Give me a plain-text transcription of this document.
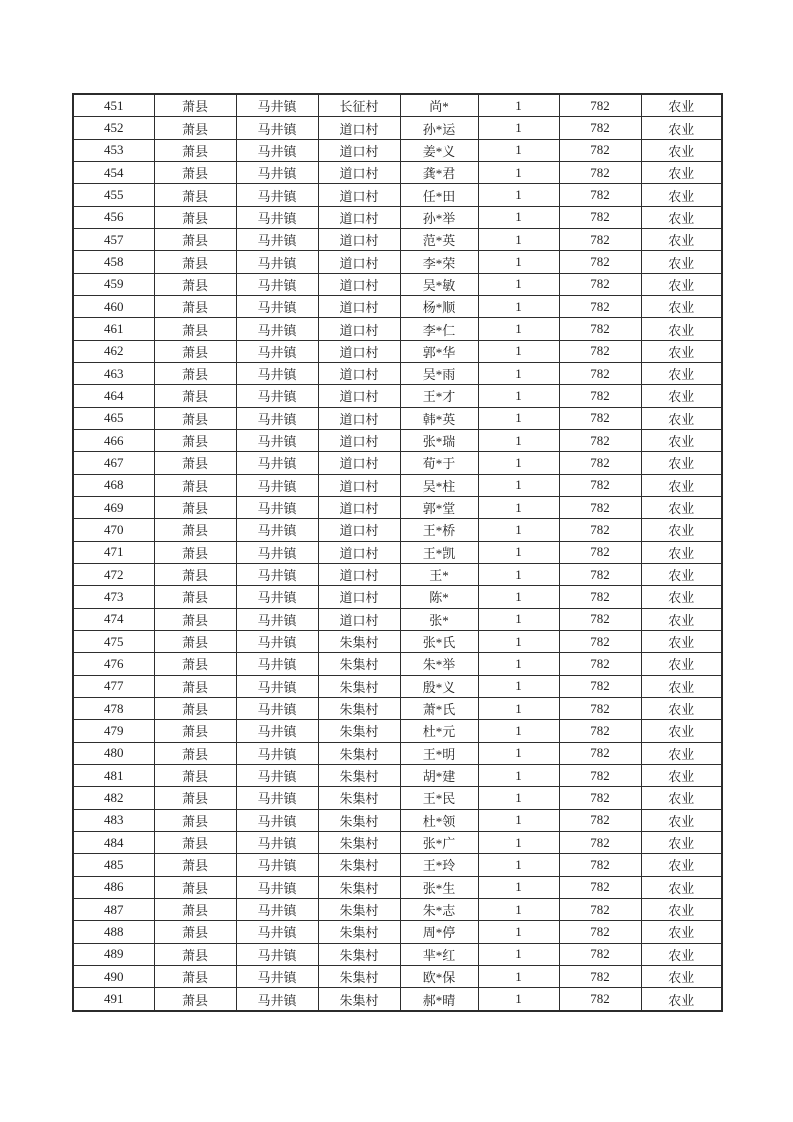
451	萧县	马井镇	长征村	尚*	1	782	农业
452	萧县	马井镇	道口村	孙*运	1	782	农业
453	萧县	马井镇	道口村	姜*义	1	782	农业
454	萧县	马井镇	道口村	龚*君	1	782	农业
455	萧县	马井镇	道口村	任*田	1	782	农业
456	萧县	马井镇	道口村	孙*举	1	782	农业
457	萧县	马井镇	道口村	范*英	1	782	农业
458	萧县	马井镇	道口村	李*荣	1	782	农业
459	萧县	马井镇	道口村	吴*敏	1	782	农业
460	萧县	马井镇	道口村	杨*顺	1	782	农业
461	萧县	马井镇	道口村	李*仁	1	782	农业
462	萧县	马井镇	道口村	郭*华	1	782	农业
463	萧县	马井镇	道口村	吴*雨	1	782	农业
464	萧县	马井镇	道口村	王*才	1	782	农业
465	萧县	马井镇	道口村	韩*英	1	782	农业
466	萧县	马井镇	道口村	张*瑞	1	782	农业
467	萧县	马井镇	道口村	荀*于	1	782	农业
468	萧县	马井镇	道口村	吴*柱	1	782	农业
469	萧县	马井镇	道口村	郭*堂	1	782	农业
470	萧县	马井镇	道口村	王*桥	1	782	农业
471	萧县	马井镇	道口村	王*凯	1	782	农业
472	萧县	马井镇	道口村	王*	1	782	农业
473	萧县	马井镇	道口村	陈*	1	782	农业
474	萧县	马井镇	道口村	张*	1	782	农业
475	萧县	马井镇	朱集村	张*氏	1	782	农业
476	萧县	马井镇	朱集村	朱*举	1	782	农业
477	萧县	马井镇	朱集村	殷*义	1	782	农业
478	萧县	马井镇	朱集村	萧*氏	1	782	农业
479	萧县	马井镇	朱集村	杜*元	1	782	农业
480	萧县	马井镇	朱集村	王*明	1	782	农业
481	萧县	马井镇	朱集村	胡*建	1	782	农业
482	萧县	马井镇	朱集村	王*民	1	782	农业
483	萧县	马井镇	朱集村	杜*领	1	782	农业
484	萧县	马井镇	朱集村	张*广	1	782	农业
485	萧县	马井镇	朱集村	王*玲	1	782	农业
486	萧县	马井镇	朱集村	张*生	1	782	农业
487	萧县	马井镇	朱集村	朱*志	1	782	农业
488	萧县	马井镇	朱集村	周*停	1	782	农业
489	萧县	马井镇	朱集村	芈*红	1	782	农业
490	萧县	马井镇	朱集村	欧*保	1	782	农业
491	萧县	马井镇	朱集村	郝*晴	1	782	农业
